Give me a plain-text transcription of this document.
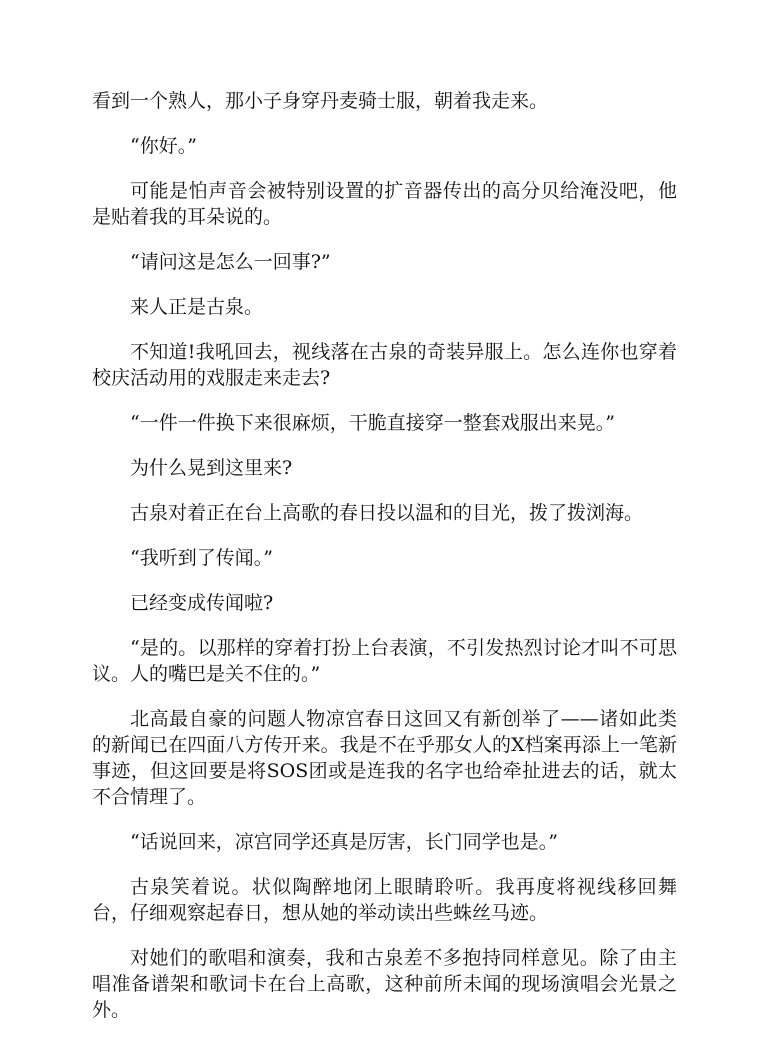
看到一个熟人，那小子身穿丹麦骑士服，朝着我走来。

“你好。”

可能是怕声音会被特别设置的扩音器传出的高分贝给淹没吧，他是贴着我的耳朵说的。

“请问这是怎么一回事?”

来人正是古泉。

不知道!我吼回去，视线落在古泉的奇装异服上。怎么连你也穿着校庆活动用的戏服走来走去?

“一件一件换下来很麻烦，干脆直接穿一整套戏服出来晃。”

为什么晃到这里来?

古泉对着正在台上高歌的春日投以温和的目光，拨了拨浏海。

“我听到了传闻。”

已经变成传闻啦?

“是的。以那样的穿着打扮上台表演，不引发热烈讨论才叫不可思议。人的嘴巴是关不住的。”

北高最自豪的问题人物凉宫春日这回又有新创举了——诸如此类的新闻已在四面八方传开来。我是不在乎那女人的X档案再添上一笔新事迹，但这回要是将SOS团或是连我的名字也给牵扯进去的话，就太不合情理了。

“话说回来，凉宫同学还真是厉害，长门同学也是。”

古泉笑着说。状似陶醉地闭上眼睛聆听。我再度将视线移回舞台，仔细观察起春日，想从她的举动读出些蛛丝马迹。

对她们的歌唱和演奏，我和古泉差不多抱持同样意见。除了由主唱准备谱架和歌词卡在台上高歌，这种前所未闻的现场演唱会光景之外。
